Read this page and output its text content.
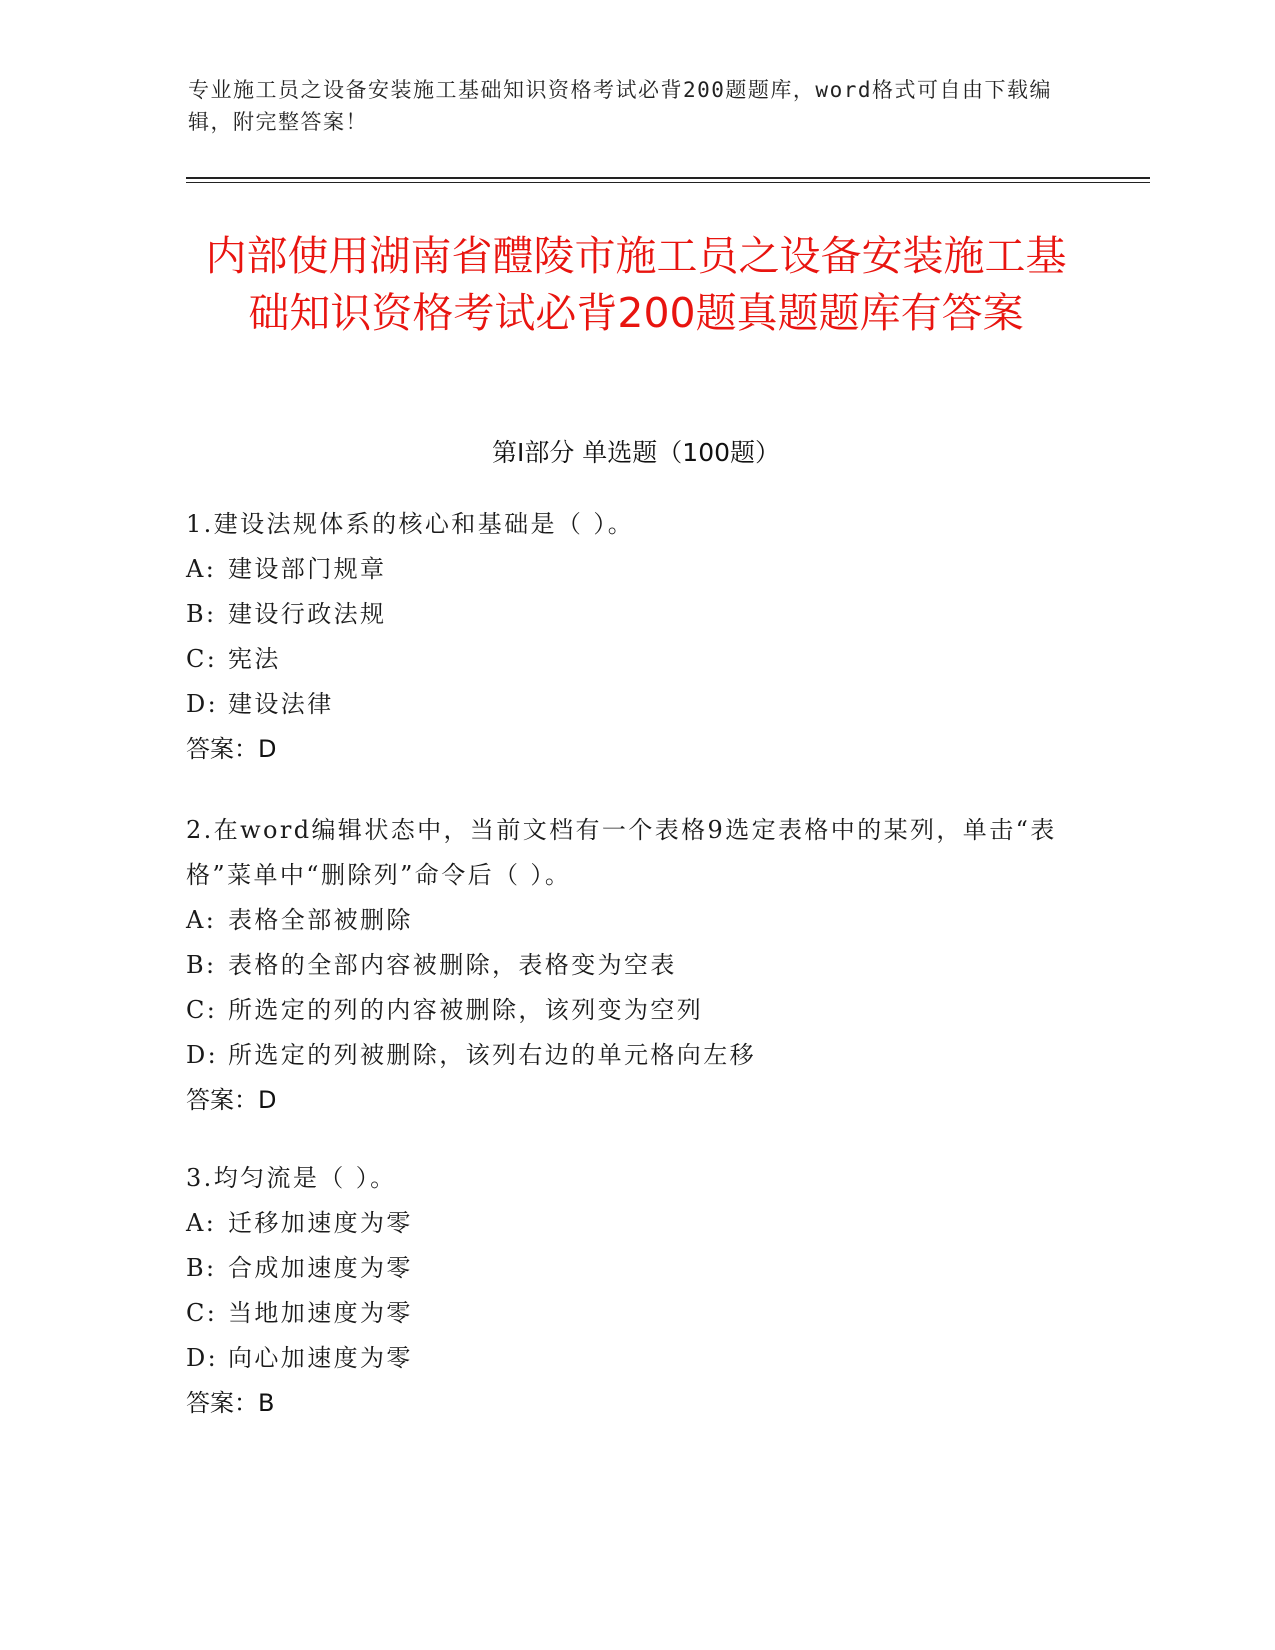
专业施工员之设备安装施工基础知识资格考试必背200题题库，word格式可自由下载编辑，附完整答案！
内部使用湖南省醴陵市施工员之设备安装施工基础知识资格考试必背200题真题题库有答案
第Ⅰ部分 单选题（100题）
1.建设法规体系的核心和基础是（ ）。
A: 建设部门规章
B: 建设行政法规
C: 宪法
D: 建设法律
答案：D
2.在word编辑状态中，当前文档有一个表格9选定表格中的某列，单击“表格”菜单中“删除列”命令后（ ）。
A: 表格全部被删除
B: 表格的全部内容被删除，表格变为空表
C: 所选定的列的内容被删除，该列变为空列
D: 所选定的列被删除，该列右边的单元格向左移
答案：D
3.均匀流是（ ）。
A: 迁移加速度为零
B: 合成加速度为零
C: 当地加速度为零
D: 向心加速度为零
答案：B
